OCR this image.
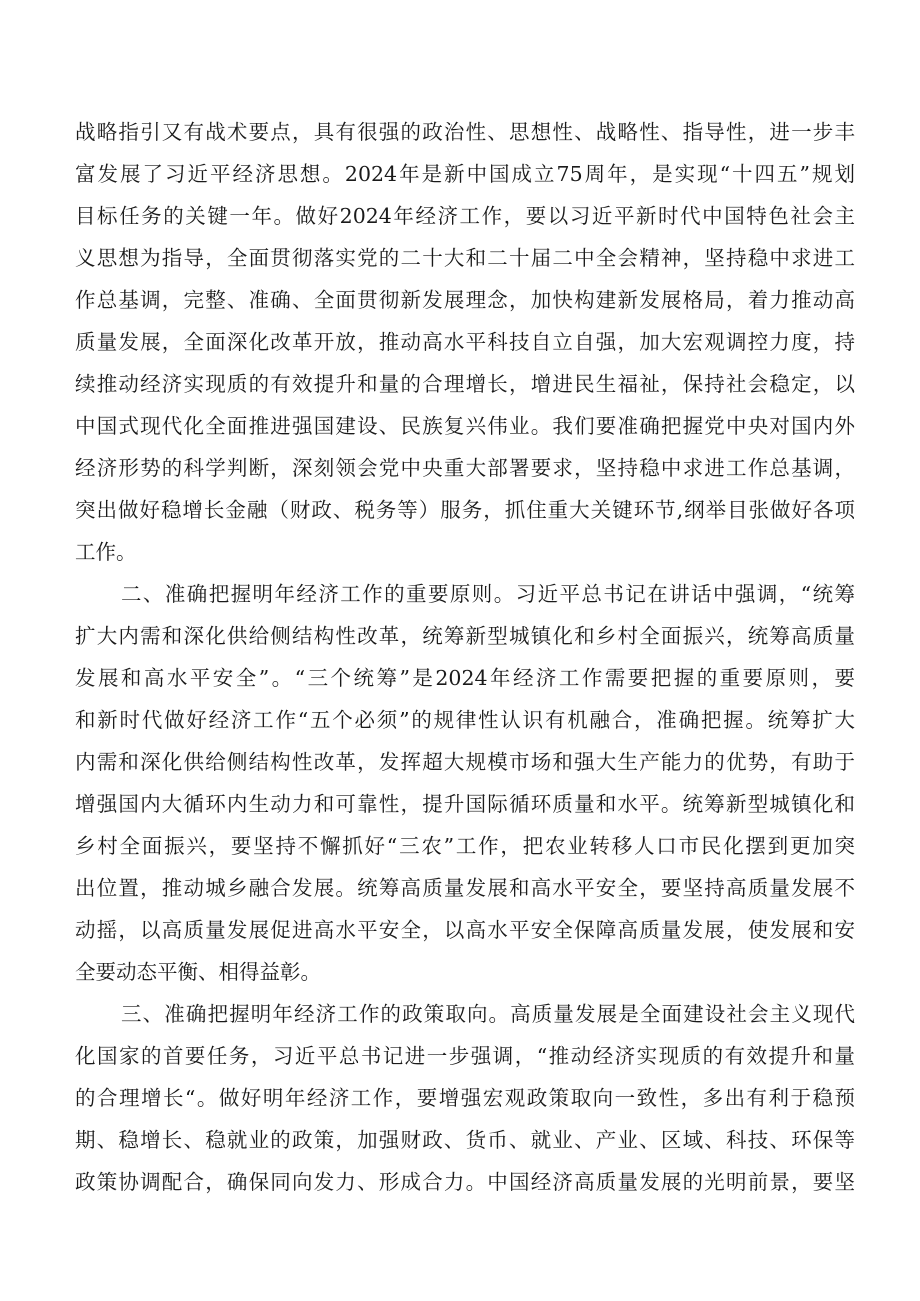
战略指引又有战术要点，具有很强的政治性、思想性、战略性、指导性，进一步丰
富发展了习近平经济思想。2024年是新中国成立75周年，是实现“十四五”规划
目标任务的关键一年。做好2024年经济工作，要以习近平新时代中国特色社会主
义思想为指导，全面贯彻落实党的二十大和二十届二中全会精神，坚持稳中求进工
作总基调，完整、准确、全面贯彻新发展理念，加快构建新发展格局，着力推动高
质量发展，全面深化改革开放，推动高水平科技自立自强，加大宏观调控力度，持
续推动经济实现质的有效提升和量的合理增长，增进民生福祉，保持社会稳定，以
中国式现代化全面推进强国建设、民族复兴伟业。我们要准确把握党中央对国内外
经济形势的科学判断，深刻领会党中央重大部署要求，坚持稳中求进工作总基调，
突出做好稳增长金融（财政、税务等）服务，抓住重大关键环节,纲举目张做好各项
工作。
二、准确把握明年经济工作的重要原则。习近平总书记在讲话中强调，“统筹
扩大内需和深化供给侧结构性改革，统筹新型城镇化和乡村全面振兴，统筹高质量
发展和高水平安全”。“三个统筹”是2024年经济工作需要把握的重要原则，要
和新时代做好经济工作“五个必须”的规律性认识有机融合，准确把握。统筹扩大
内需和深化供给侧结构性改革，发挥超大规模市场和强大生产能力的优势，有助于
增强国内大循环内生动力和可靠性，提升国际循环质量和水平。统筹新型城镇化和
乡村全面振兴，要坚持不懈抓好“三农”工作，把农业转移人口市民化摆到更加突
出位置，推动城乡融合发展。统筹高质量发展和高水平安全，要坚持高质量发展不
动摇，以高质量发展促进高水平安全，以高水平安全保障高质量发展，使发展和安
全要动态平衡、相得益彰。
三、准确把握明年经济工作的政策取向。高质量发展是全面建设社会主义现代
化国家的首要任务，习近平总书记进一步强调，“推动经济实现质的有效提升和量
的合理增长“。做好明年经济工作，要增强宏观政策取向一致性，多出有利于稳预
期、稳增长、稳就业的政策，加强财政、货币、就业、产业、区域、科技、环保等
政策协调配合，确保同向发力、形成合力。中国经济高质量发展的光明前景，要坚
